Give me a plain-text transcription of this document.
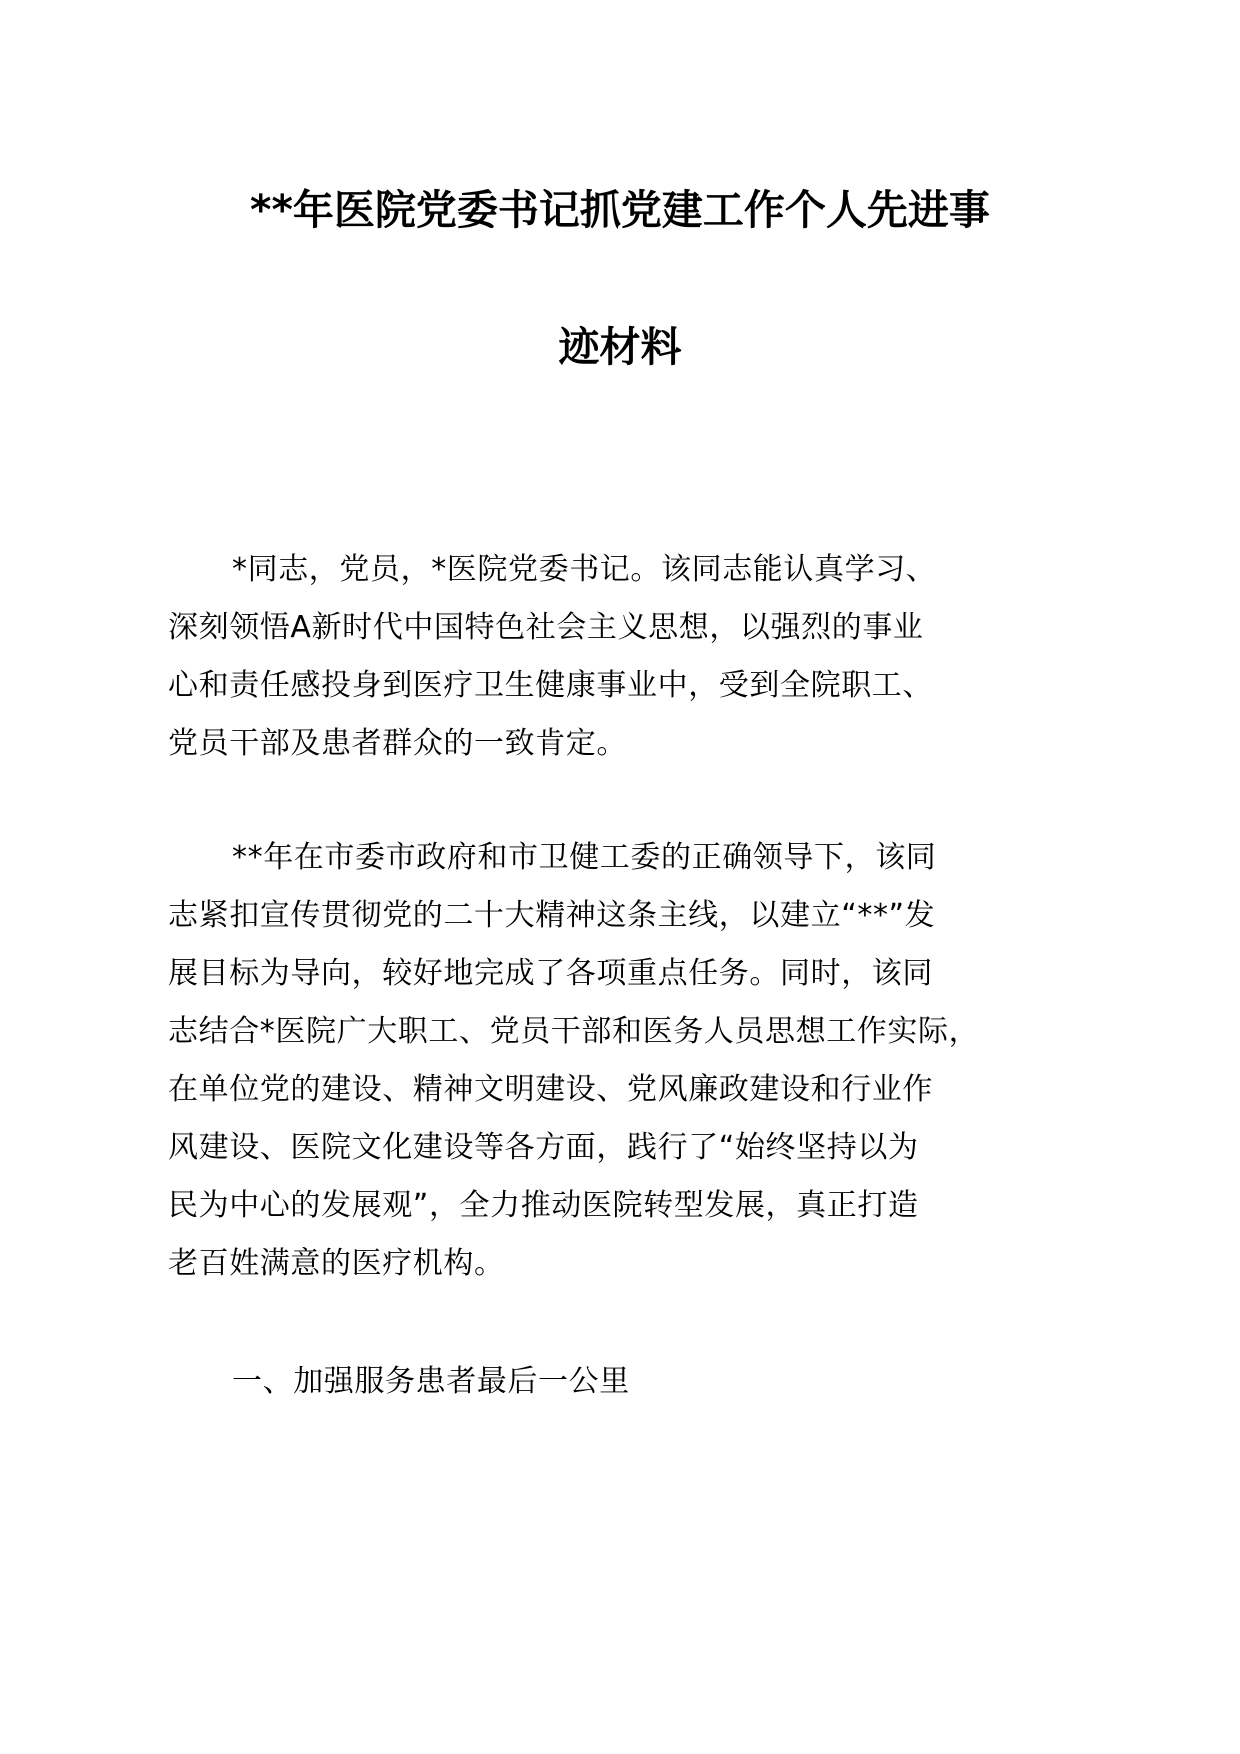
**年医院党委书记抓党建工作个人先进事
迹材料
*同志，党员，*医院党委书记。该同志能认真学习、
深刻领悟A新时代中国特色社会主义思想，以强烈的事业
心和责任感投身到医疗卫生健康事业中，受到全院职工、
党员干部及患者群众的一致肯定。
**年在市委市政府和市卫健工委的正确领导下，该同
志紧扣宣传贯彻党的二十大精神这条主线，以建立“**”发
展目标为导向，较好地完成了各项重点任务。同时，该同
志结合*医院广大职工、党员干部和医务人员思想工作实际，
在单位党的建设、精神文明建设、党风廉政建设和行业作
风建设、医院文化建设等各方面，践行了“始终坚持以为
民为中心的发展观”，全力推动医院转型发展，真正打造
老百姓满意的医疗机构。
一、加强服务患者最后一公里
